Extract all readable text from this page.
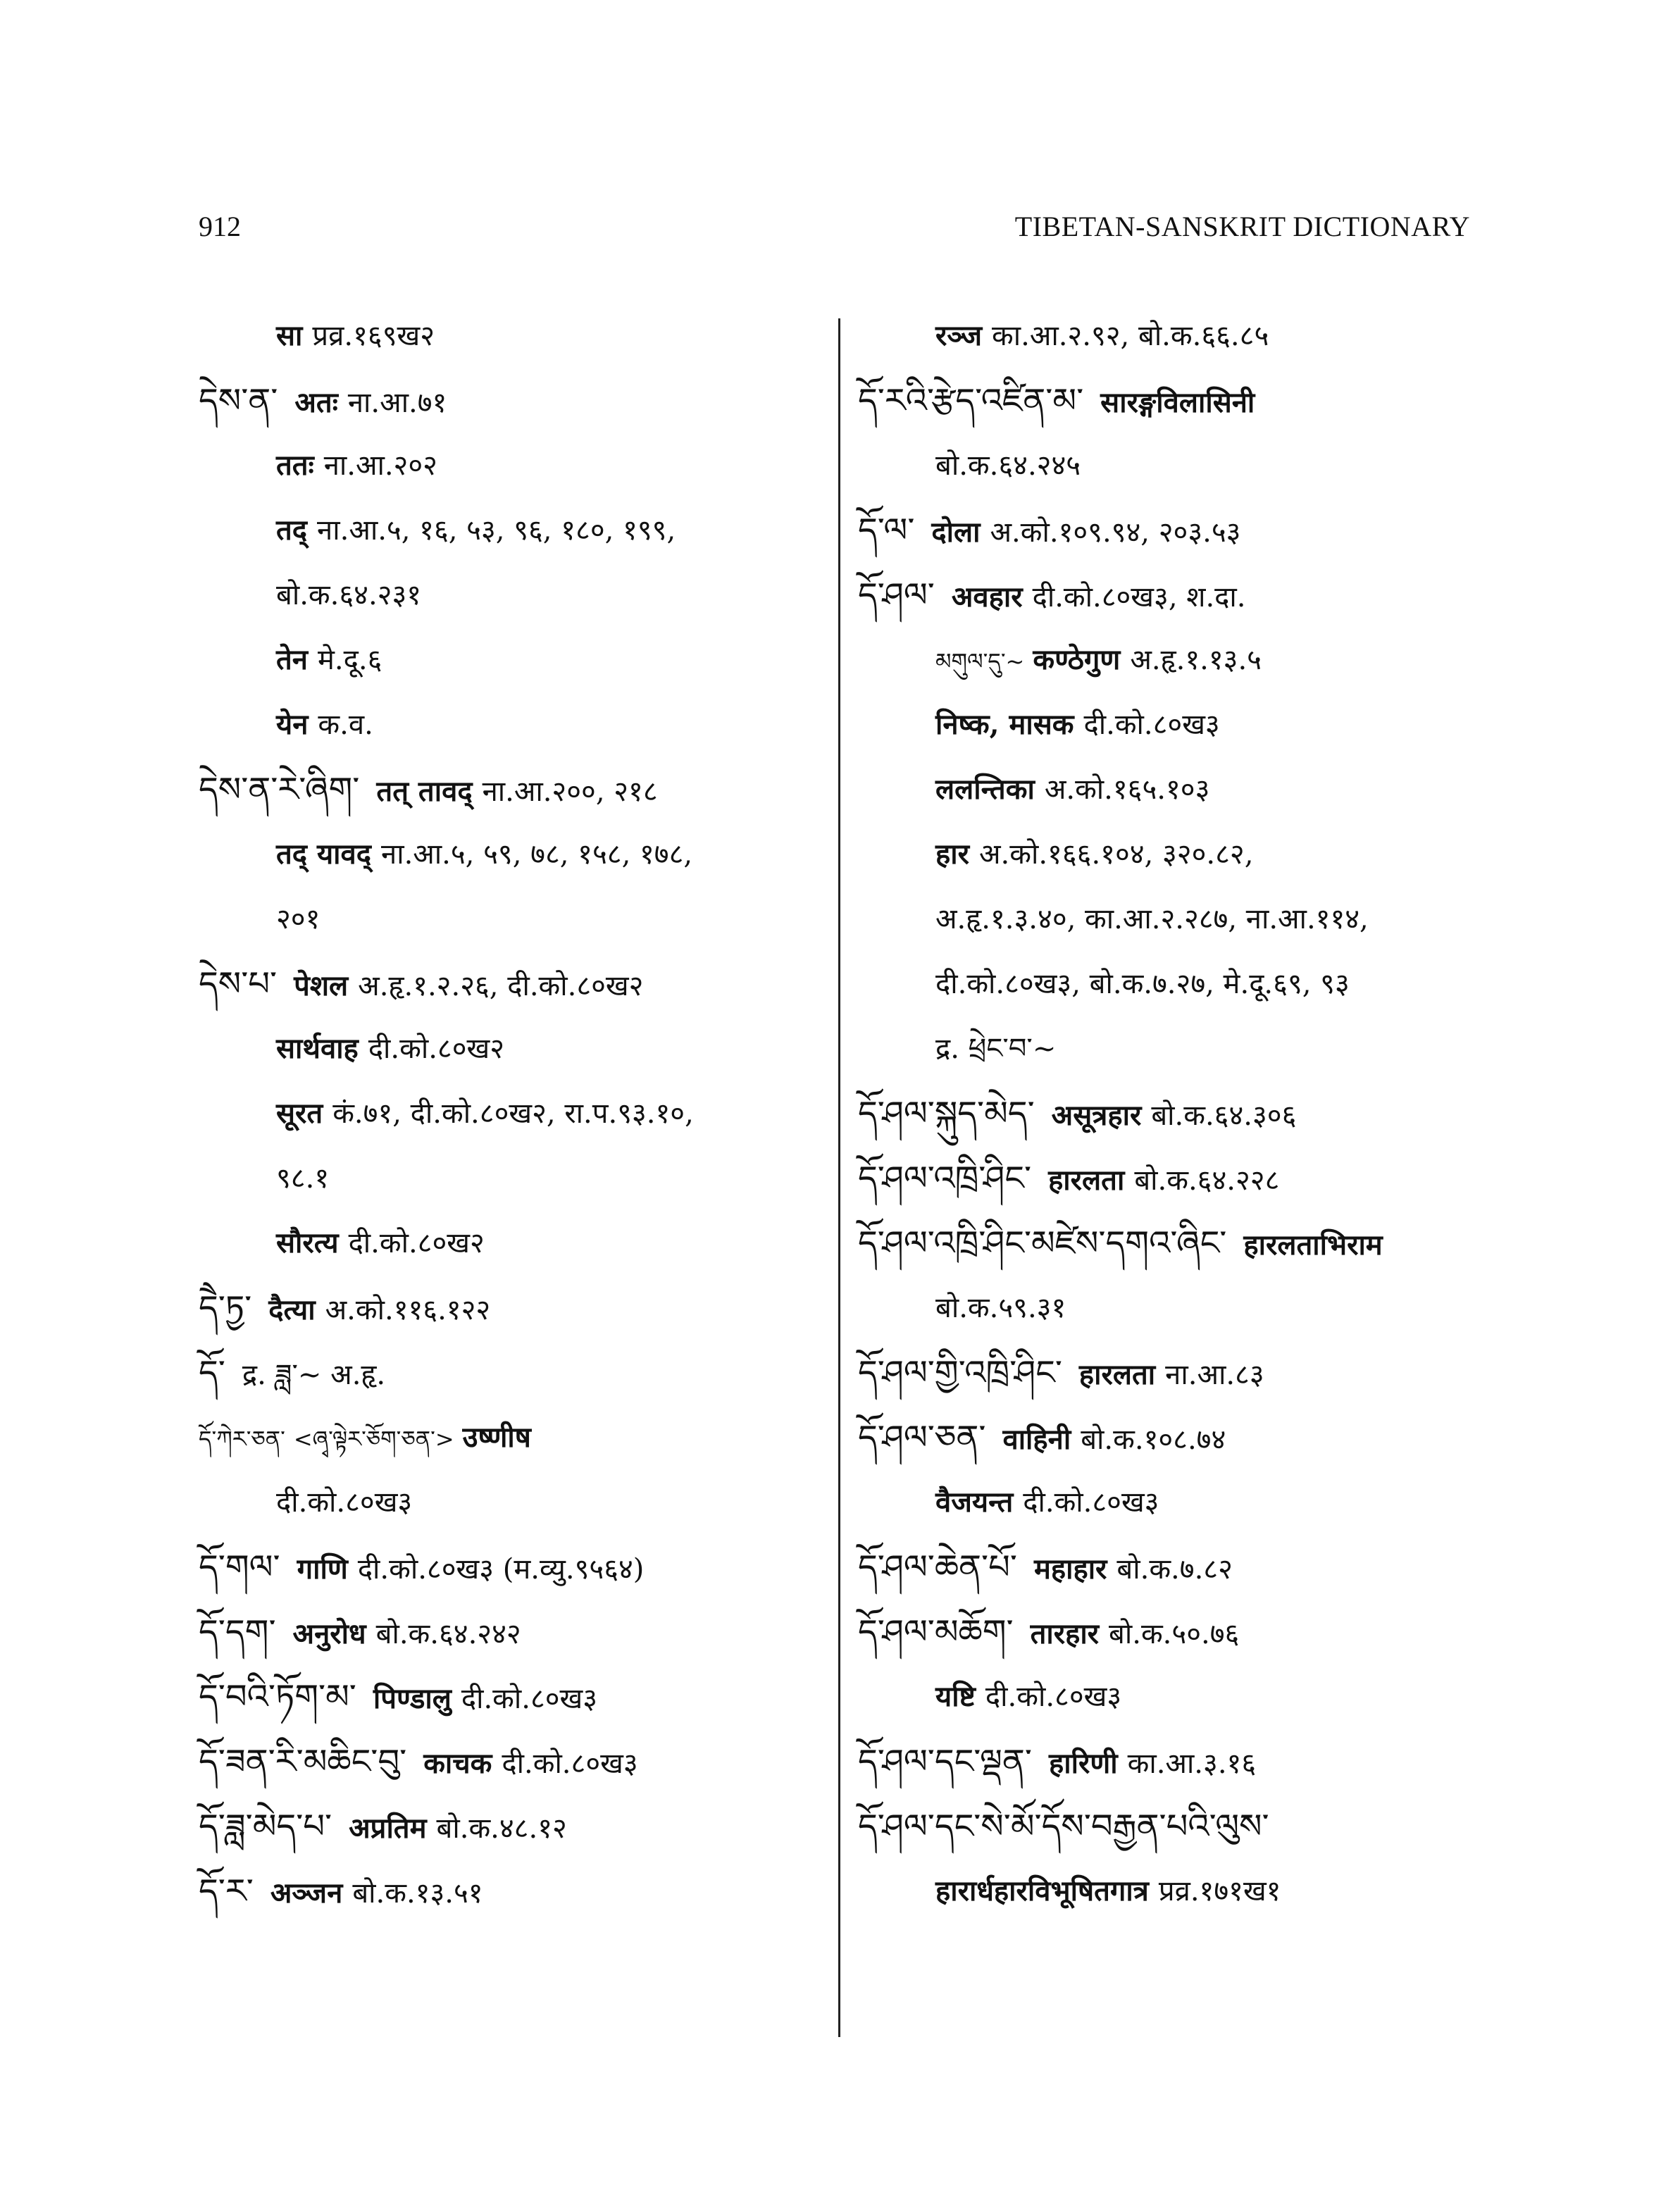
912	TIBETAN-SANSKRIT DICTIONARY
सा प्रव्र.१६९ख२
དེས་ན་ अतः ना.आ.७१
ततः ना.आ.२०२
तद् ना.आ.५, १६, ५३, ९६, १८०, १९९,
बो.क.६४.२३१
तेन मे.दू.६
येन क.व.
དེས་ན་རེ་ཞིག་ तत् तावद् ना.आ.२००, २१८
तद् यावद् ना.आ.५, ५९, ७८, १५८, १७८,
२०१
དེས་པ་ पेशल अ.हृ.१.२.२६, दी.को.८०ख२
सार्थवाह दी.को.८०ख२
सूरत कं.७१, दी.को.८०ख२, रा.प.९३.१०,
९८.१
सौरत्य दी.को.८०ख२
དཻ་ཏྱ་ दैत्या अ.को.११६.१२२
དོ་ द्र. ཟླ་~ अ.हृ.
དོ་ཀེར་ཅན་ <ཞྭ་ལྟེར་ཅོག་ཅན་> उष्णीष
दी.को.८०ख३
དོ་གལ་ गाणि दी.को.८०ख३ (म.व्यु.९५६४)
དོ་དག་ अनुरोध बो.क.६४.२४२
དོ་བའི་ཏོག་མ་ पिण्डालु दी.को.८०ख३
དོ་ཟན་རི་མཆིང་བུ་ काचक दी.को.८०ख३
དོ་ཟླ་མེད་པ་ अप्रतिम बो.क.४८.१२
དོ་ར་ अञ्जन बो.क.१३.५१
रञ्ज का.आ.२.९२, बो.क.६६.८५
དོ་རའི་རྩེད་འཛིན་མ་ सारङ्गविलासिनी
बो.क.६४.२४५
དོ་ལ་ दोला अ.को.१०९.९४, २०३.५३
དོ་ཤལ་ अवहार दी.को.८०ख३, श.दा.
མགུལ་དུ་~ कण्ठेगुण अ.हृ.१.१३.५
निष्क, मासक दी.को.८०ख३
ललन्तिका अ.को.१६५.१०३
हार अ.को.१६६.१०४, ३२०.८२,
अ.हृ.१.३.४०, का.आ.२.२८७, ना.आ.११४,
दी.को.८०ख३, बो.क.७.२७, मे.दू.६९, ९३
द्र. ཕྲེང་བ་~
དོ་ཤལ་སྐུད་མེད་ असूत्रहार बो.क.६४.३०६
དོ་ཤལ་འཁྲི་ཤིང་ हारलता बो.क.६४.२२८
དོ་ཤལ་འཁྲི་ཤིང་མཛེས་དགའ་ཞིང་ हारलताभिराम
बो.क.५९.३१
དོ་ཤལ་གྱི་འཁྲི་ཤིང་ हारलता ना.आ.८३
དོ་ཤལ་ཅན་ वाहिनी बो.क.१०८.७४
वैजयन्त दी.को.८०ख३
དོ་ཤལ་ཆེན་པོ་ महाहार बो.क.७.८२
དོ་ཤལ་མཆོག་ तारहार बो.क.५०.७६
यष्टि दी.को.८०ख३
དོ་ཤལ་དང་ལྡན་ हारिणी का.आ.३.१६
དོ་ཤལ་དང་སེ་མོ་དོས་བརྒྱན་པའི་ལུས་
हारार्धहारविभूषितगात्र प्रव्र.१७१ख१
